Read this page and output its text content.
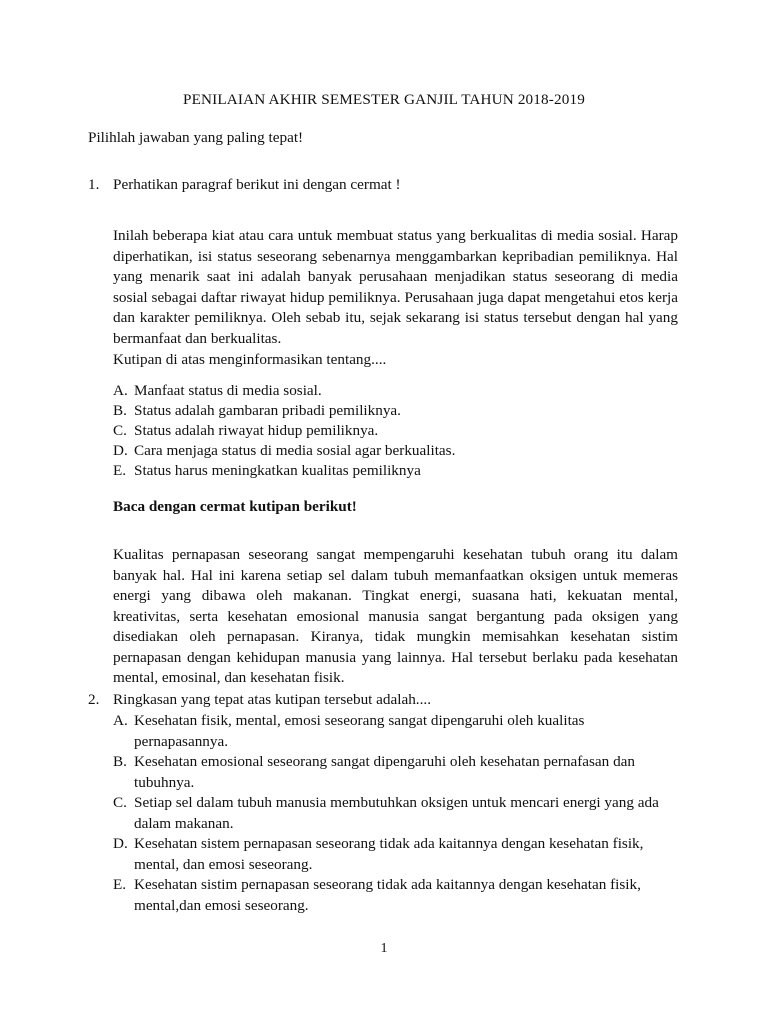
PENILAIAN AKHIR SEMESTER GANJIL TAHUN 2018-2019
Pilihlah jawaban yang paling tepat!
1. Perhatikan paragraf berikut ini dengan cermat !
Inilah beberapa kiat atau cara untuk membuat status yang berkualitas di media sosial. Harap diperhatikan, isi status seseorang sebenarnya menggambarkan kepribadian pemiliknya. Hal yang menarik saat ini adalah banyak perusahaan menjadikan status seseorang di media sosial sebagai daftar riwayat hidup pemiliknya. Perusahaan juga dapat mengetahui etos kerja dan karakter pemiliknya. Oleh sebab itu, sejak sekarang isi status tersebut dengan hal yang bermanfaat dan berkualitas.
Kutipan di atas menginformasikan tentang....
A. Manfaat status di media sosial.
B. Status adalah gambaran pribadi pemiliknya.
C. Status adalah riwayat hidup pemiliknya.
D. Cara menjaga status di media sosial agar berkualitas.
E. Status harus meningkatkan kualitas pemiliknya
Baca dengan cermat kutipan berikut!
Kualitas pernapasan seseorang sangat mempengaruhi kesehatan tubuh orang itu dalam banyak hal. Hal ini karena setiap sel dalam tubuh memanfaatkan oksigen untuk memeras energi yang dibawa oleh makanan. Tingkat energi, suasana hati, kekuatan mental, kreativitas, serta kesehatan emosional manusia sangat bergantung pada oksigen yang disediakan oleh pernapasan. Kiranya, tidak mungkin memisahkan kesehatan sistim pernapasan dengan kehidupan manusia yang lainnya. Hal tersebut berlaku pada kesehatan mental, emosinal, dan kesehatan fisik.
2. Ringkasan yang tepat atas kutipan tersebut adalah....
A. Kesehatan fisik, mental, emosi seseorang sangat dipengaruhi oleh kualitas pernapasannya.
B. Kesehatan emosional seseorang sangat dipengaruhi oleh kesehatan pernafasan dan tubuhnya.
C. Setiap sel dalam tubuh manusia membutuhkan oksigen untuk mencari energi yang ada dalam makanan.
D. Kesehatan sistem pernapasan seseorang tidak ada kaitannya dengan kesehatan fisik, mental, dan emosi seseorang.
E. Kesehatan sistim pernapasan seseorang tidak ada kaitannya dengan kesehatan fisik, mental,dan emosi seseorang.
1
